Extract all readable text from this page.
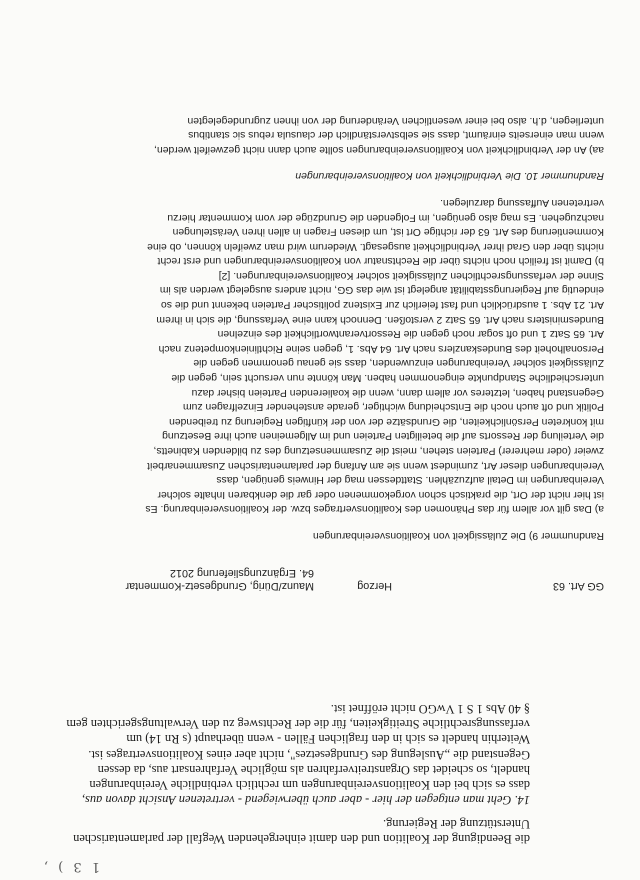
1 3 ) ,
die Beendigung der Koalition und den damit einhergehenden Wegfall der parlamentarischen
Unterstützung der Regierung.
14. Geht man entgegen der hier - aber auch überwiegend - vertretenen Ansicht davon aus,
dass es sich bei den Koalitionsvereinbarungen um rechtlich verbindliche Vereinbarungen
handelt, so scheidet das Organstreitverfahren als mögliche Verfahrensart aus, da dessen
Gegenstand die „Auslegung des Grundgesetzes", nicht aber eines Koalitionsvertrages ist.
Weiterhin handelt es sich in den fraglichen Fällen - wenn überhaupt (s Rn 14) um
verfassungsrechtliche Streitigkeiten, für die der Rechtsweg zu den Verwaltungsgerichten gem
§ 40 Abs 1 S 1 VwGO nicht eröffnet ist.
GG Art. 63
Herzog
Maunz/Dürig, Grundgesetz-Kommentar
64. Ergänzungslieferung 2012
Randnummer 9) Die Zulässigkeit von Koalitionsvereinbarungen
a) Das gilt vor allem für das Phänomen des Koalitionsvertrages bzw. der Koalitionsvereinbarung. Es
ist hier nicht der Ort, die praktisch schon vorgekommenen oder gar die denkbaren Inhalte solcher
Vereinbarungen im Detail aufzuzählen. Stattdessen mag der Hinweis genügen, dass
Vereinbarungen dieser Art, zumindest wenn sie am Anfang der parlamentarischen Zusammenarbeit
zweier (oder mehrerer) Parteien stehen, meist die Zusammensetzung des zu bildenden Kabinetts,
die Verteilung der Ressorts auf die beteiligten Parteien und im Allgemeinen auch ihre Besetzung
mit konkreten Persönlichkeiten, die Grundsätze der von der künftigen Regierung zu treibenden
Politik und oft auch noch die Entscheidung wichtiger, gerade anstehender Einzelfragen zum
Gegenstand haben, letzteres vor allem dann, wenn die koalierenden Parteien bisher dazu
unterschiedliche Standpunkte eingenommen haben. Man könnte nun versucht sein, gegen die
Zulässigkeit solcher Vereinbarungen einzuwenden, dass sie genau genommen gegen die
Personalhoheit des Bundeskanzlers nach Art. 64 Abs. 1, gegen seine Richtlinienkompetenz nach
Art. 65 Satz 1 und oft sogar noch gegen die Ressortverantwortlichkeit des einzelnen
Bundesministers nach Art. 65 Satz 2 verstoßen. Dennoch kann eine Verfassung, die sich in ihrem
Art. 21 Abs. 1 ausdrücklich und fast feierlich zur Existenz politischer Parteien bekennt und die so
eindeutig auf Regierungsstabilität angelegt ist wie das GG, nicht anders ausgelegt werden als im
Sinne der verfassungsrechtlichen Zulässigkeit solcher Koalitionsvereinbarungen. [2]
b) Damit ist freilich noch nichts über die Rechtsnatur von Koalitionsvereinbarungen und erst recht
nichts über den Grad ihrer Verbindlichkeit ausgesagt. Wiederum wird man zweifeln können, ob eine
Kommentierung des Art. 63 der richtige Ort ist, um diesen Fragen in allen ihren Verästelungen
nachzugehen. Es mag also genügen, im Folgenden die Grundzüge der vom Kommentar hierzu
vertretenen Auffassung darzulegen.
Randnummer 10. Die Verbindlichkeit von Koalitionsvereinbarungen
aa) An der Verbindlichkeit von Koalitionsvereinbarungen sollte auch dann nicht gezweifelt werden,
wenn man einerseits einräumt, dass sie selbstverständlich der clausula rebus sic stantibus
unterliegen, d.h. also bei einer wesentlichen Veränderung der von ihnen zugrundegelegten
